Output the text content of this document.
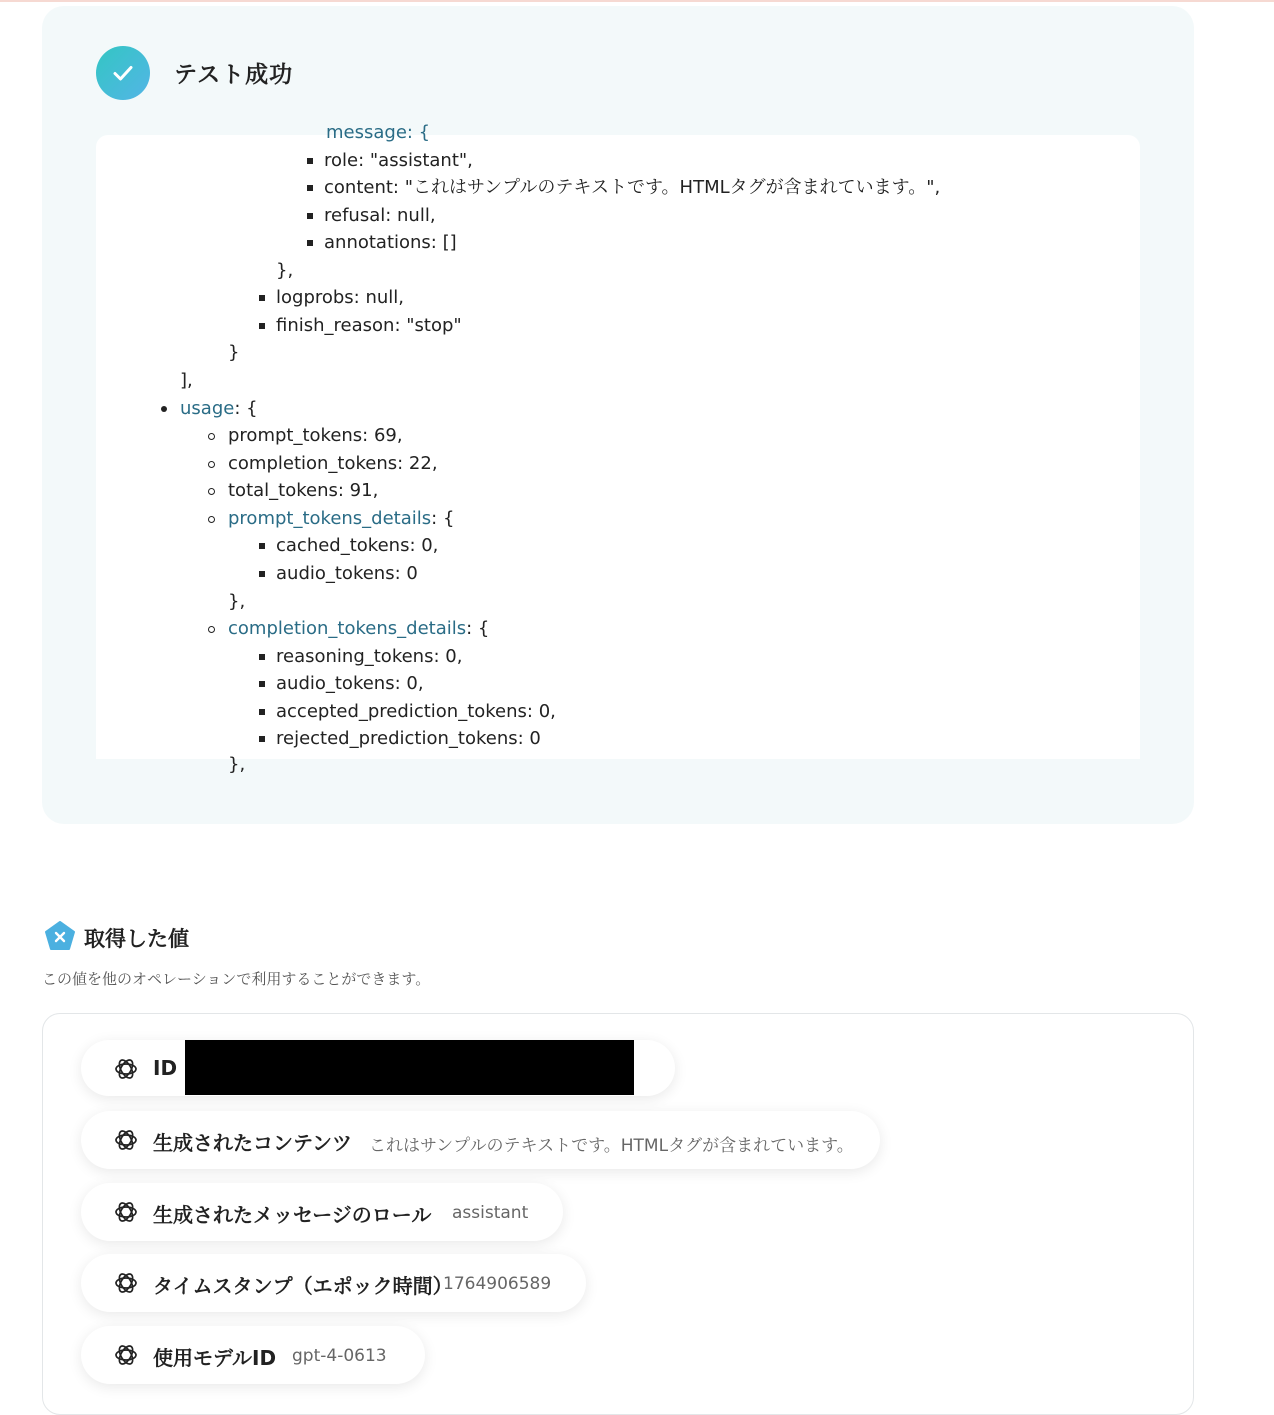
テスト成功
message: {
role: "assistant",
content: "これはサンプルのテキストです。HTMLタグが含まれています。",
refusal: null,
annotations: []
},
logprobs: null,
finish_reason: "stop"
}
],
usage: {
prompt_tokens: 69,
completion_tokens: 22,
total_tokens: 91,
prompt_tokens_details: {
cached_tokens: 0,
audio_tokens: 0
},
completion_tokens_details: {
reasoning_tokens: 0,
audio_tokens: 0,
accepted_prediction_tokens: 0,
rejected_prediction_tokens: 0
},
取得した値
この値を他のオペレーションで利用することができます。
ID
生成されたコンテンツ これはサンプルのテキストです。HTMLタグが含まれています。
生成されたメッセージのロール assistant
タイムスタンプ（エポック時間）
1764906589
使用モデルID gpt-4-0613
